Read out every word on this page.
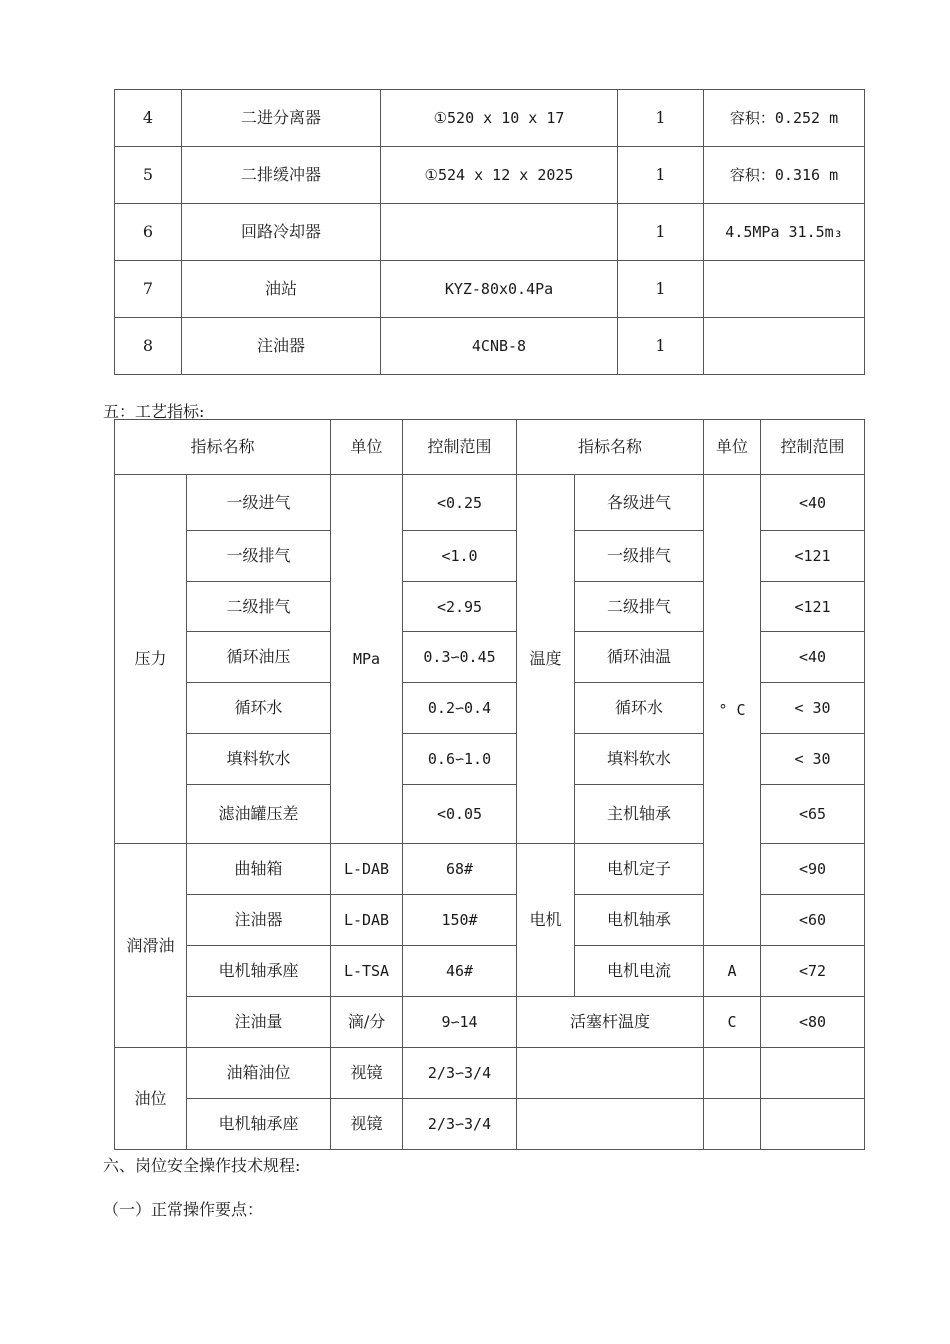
4	二进分离器	①520 x 10 x 17	1	容积：0.252 m
5	二排缓冲器	①524 x 12 x 2025	1	容积：0.316 m
6	回路冷却器		1	4.5MPa 31.5m₃
7	油站	KYZ-80x0.4Pa	1	
8	注油器	4CNB-8	1	
五：工艺指标:
指标名称		单位	控制范围	指标名称		单位	控制范围
压力	一级进气	MPa	<0.25	温度	各级进气	° C	<40
	一级排气		<1.0		一级排气		<121
	二级排气		<2.95		二级排气		<121
	循环油压		0.3∽0.45		循环油温		<40
	循环水		0.2∽0.4		循环水		< 30
	填料软水		0.6∽1.0		填料软水		< 30
	滤油罐压差		<0.05		主机轴承		<65
润滑油	曲轴箱	L-DAB	68#	电机	电机定子		<90
	注油器	L-DAB	150#		电机轴承		<60
	电机轴承座	L-TSA	46#		电机电流	A	<72
	注油量	滴/分	9∽14	活塞杆温度		C	<80
油位	油箱油位	视镜	2/3∽3/4				
	电机轴承座	视镜	2/3∽3/4				
六、岗位安全操作技术规程:
（一）正常操作要点：
